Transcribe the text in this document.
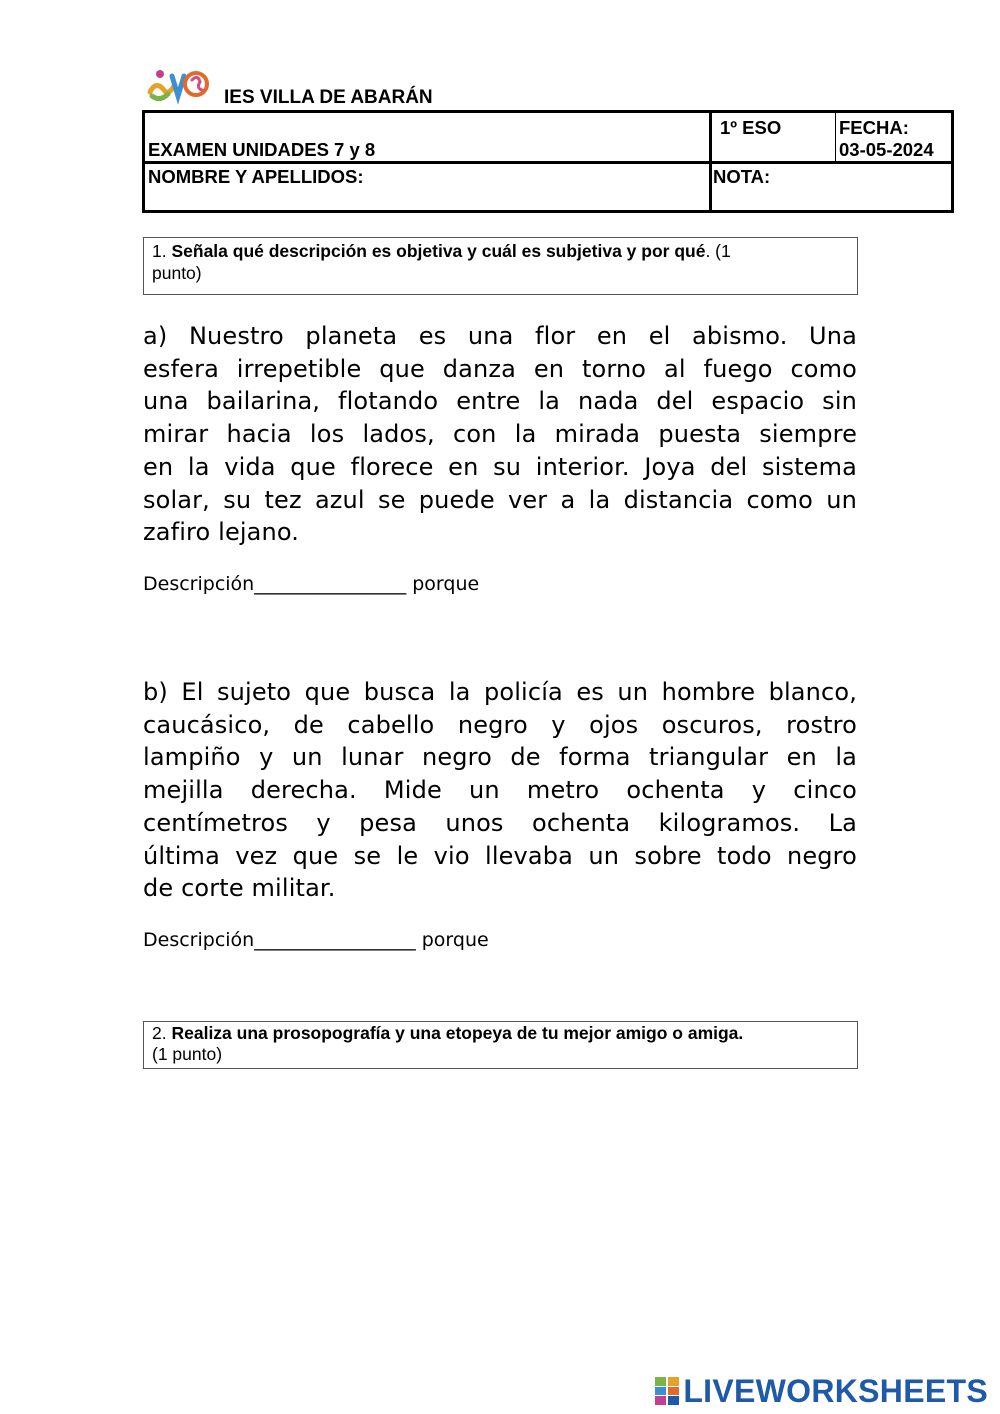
IES VILLA DE ABARÁN
EXAMEN UNIDADES 7 y 8
1º ESO	FECHA:
03-05-2024
NOMBRE Y APELLIDOS:	NOTA:
1. Señala qué descripción es objetiva y cuál es subjetiva y por qué. (1
punto)
a) Nuestro planeta es una flor en el abismo. Una
esfera irrepetible que danza en torno al fuego como
una bailarina, flotando entre la nada del espacio sin
mirar hacia los lados, con la mirada puesta siempre
en la vida que florece en su interior. Joya del sistema
solar, su tez azul se puede ver a la distancia como un
zafiro lejano.
Descripción________________ porque
b) El sujeto que busca la policía es un hombre blanco,
caucásico, de cabello negro y ojos oscuros, rostro
lampiño y un lunar negro de forma triangular en la
mejilla derecha. Mide un metro ochenta y cinco
centímetros y pesa unos ochenta kilogramos. La
última vez que se le vio llevaba un sobre todo negro
de corte militar.
Descripción_________________ porque
2. Realiza una prosopografía y una etopeya de tu mejor amigo o amiga.
(1 punto)
LIVEWORKSHEETS
